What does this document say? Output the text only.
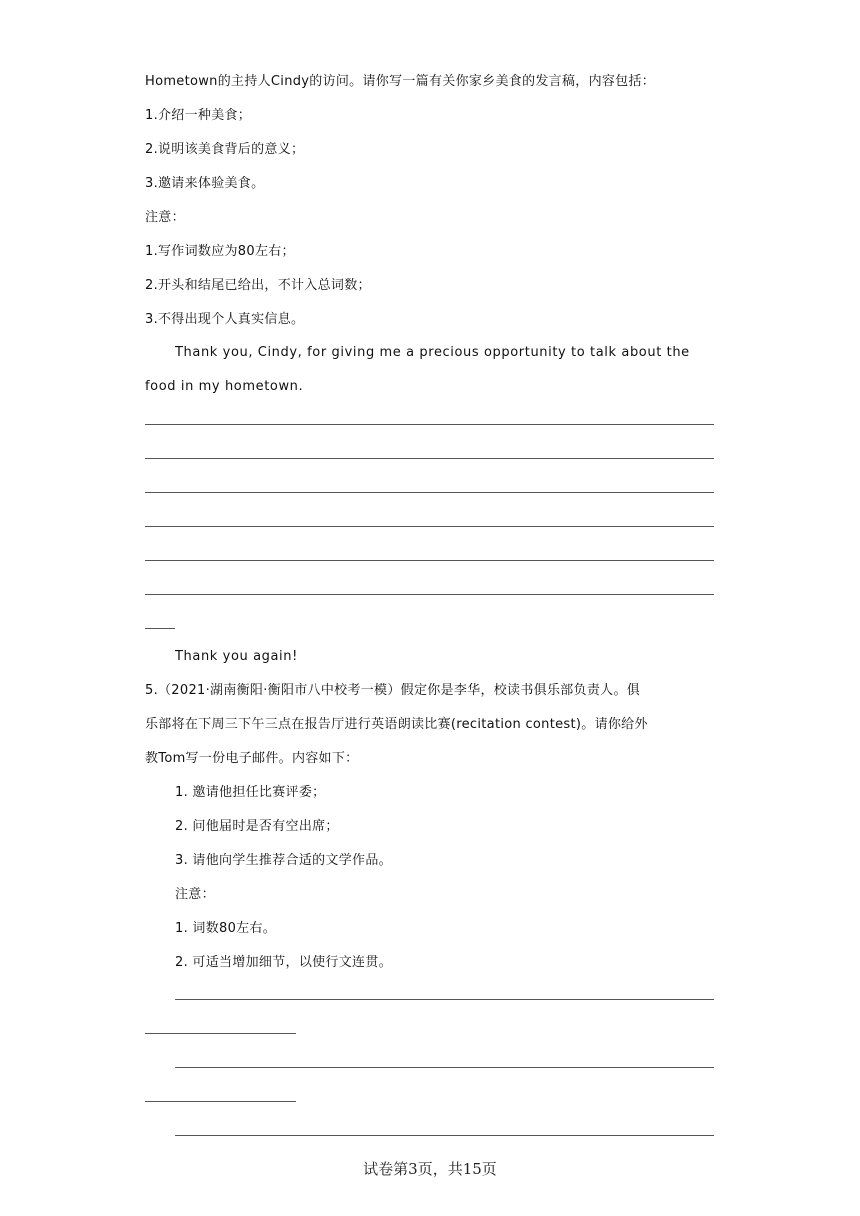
Hometown的主持人Cindy的访问。请你写一篇有关你家乡美食的发言稿，内容包括：
1.介绍一种美食；
2.说明该美食背后的意义；
3.邀请来体验美食。
注意：
1.写作词数应为80左右；
2.开头和结尾已给出，不计入总词数；
3.不得出现个人真实信息。
Thank you, Cindy, for giving me a precious opportunity to talk about the
food in my hometown.
Thank you again!
5.（2021·湖南衡阳·衡阳市八中校考一模）假定你是李华，校读书俱乐部负责人。俱
乐部将在下周三下午三点在报告厅进行英语朗读比赛(recitation contest)。请你给外
教Tom写一份电子邮件。内容如下：
1. 邀请他担任比赛评委；
2. 问他届时是否有空出席；
3. 请他向学生推荐合适的文学作品。
注意：
1. 词数80左右。
2. 可适当增加细节，以使行文连贯。
试卷第3页，共15页
